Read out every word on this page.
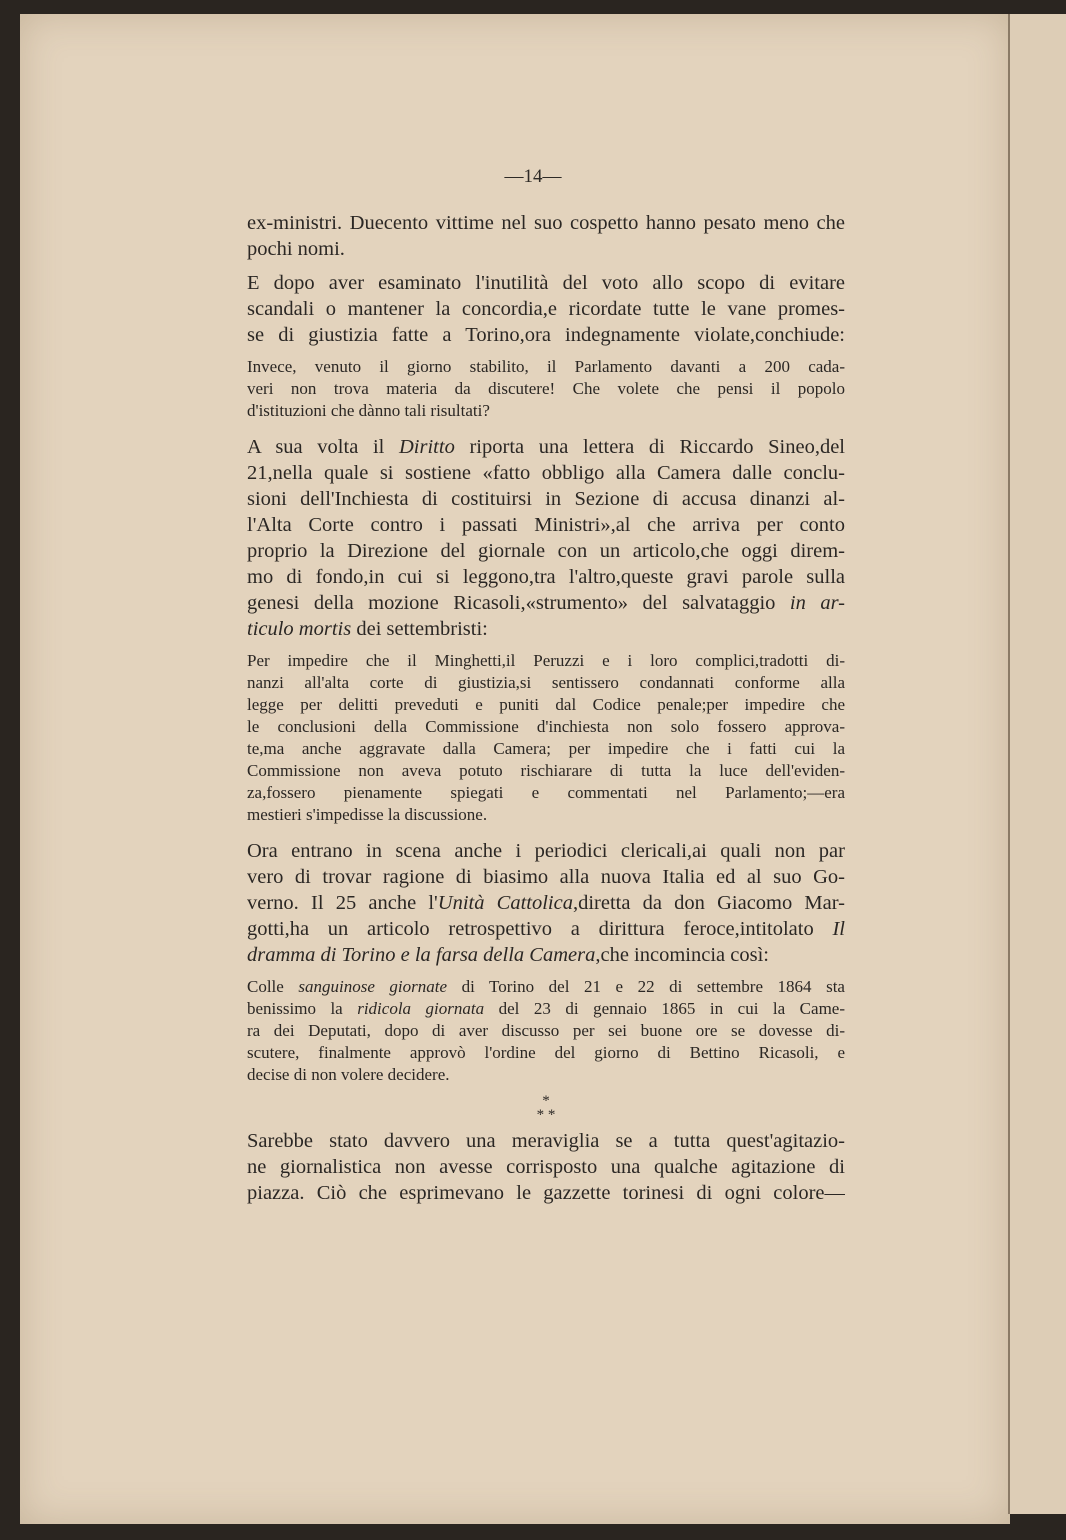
—14—
ex-ministri. Duecento vittime nel suo cospetto hanno pesato meno che
pochi nomi.
E dopo aver esaminato l'inutilità del voto allo scopo di evitare
scandali o mantener la concordia,e ricordate tutte le vane promes-
se di giustizia fatte a Torino,ora indegnamente violate,conchiude:
Invece, venuto il giorno stabilito, il Parlamento davanti a 200 cada-
veri non trova materia da discutere! Che volete che pensi il popolo
d'istituzioni che dànno tali risultati?
A sua volta il Diritto riporta una lettera di Riccardo Sineo,del
21,nella quale si sostiene «fatto obbligo alla Camera dalle conclu-
sioni dell'Inchiesta di costituirsi in Sezione di accusa dinanzi al-
l'Alta Corte contro i passati Ministri»,al che arriva per conto
proprio la Direzione del giornale con un articolo,che oggi direm-
mo di fondo,in cui si leggono,tra l'altro,queste gravi parole sulla
genesi della mozione Ricasoli,«strumento» del salvataggio in ar-
ticulo mortis dei settembristi:
Per impedire che il Minghetti,il Peruzzi e i loro complici,tradotti di-
nanzi all'alta corte di giustizia,si sentissero condannati conforme alla
legge per delitti preveduti e puniti dal Codice penale;per impedire che
le conclusioni della Commissione d'inchiesta non solo fossero approva-
te,ma anche aggravate dalla Camera; per impedire che i fatti cui la
Commissione non aveva potuto rischiarare di tutta la luce dell'eviden-
za,fossero pienamente spiegati e commentati nel Parlamento;—era
mestieri s'impedisse la discussione.
Ora entrano in scena anche i periodici clericali,ai quali non par
vero di trovar ragione di biasimo alla nuova Italia ed al suo Go-
verno. Il 25 anche l'Unità Cattolica,diretta da don Giacomo Mar-
gotti,ha un articolo retrospettivo a dirittura feroce,intitolato Il
dramma di Torino e la farsa della Camera,che incomincia così:
Colle sanguinose giornate di Torino del 21 e 22 di settembre 1864 sta
benissimo la ridicola giornata del 23 di gennaio 1865 in cui la Came-
ra dei Deputati, dopo di aver discusso per sei buone ore se dovesse di-
scutere, finalmente approvò l'ordine del giorno di Bettino Ricasoli, e
decise di non volere decidere.
*
* *
Sarebbe stato davvero una meraviglia se a tutta quest'agitazio-
ne giornalistica non avesse corrisposto una qualche agitazione di
piazza. Ciò che esprimevano le gazzette torinesi di ogni colore—
